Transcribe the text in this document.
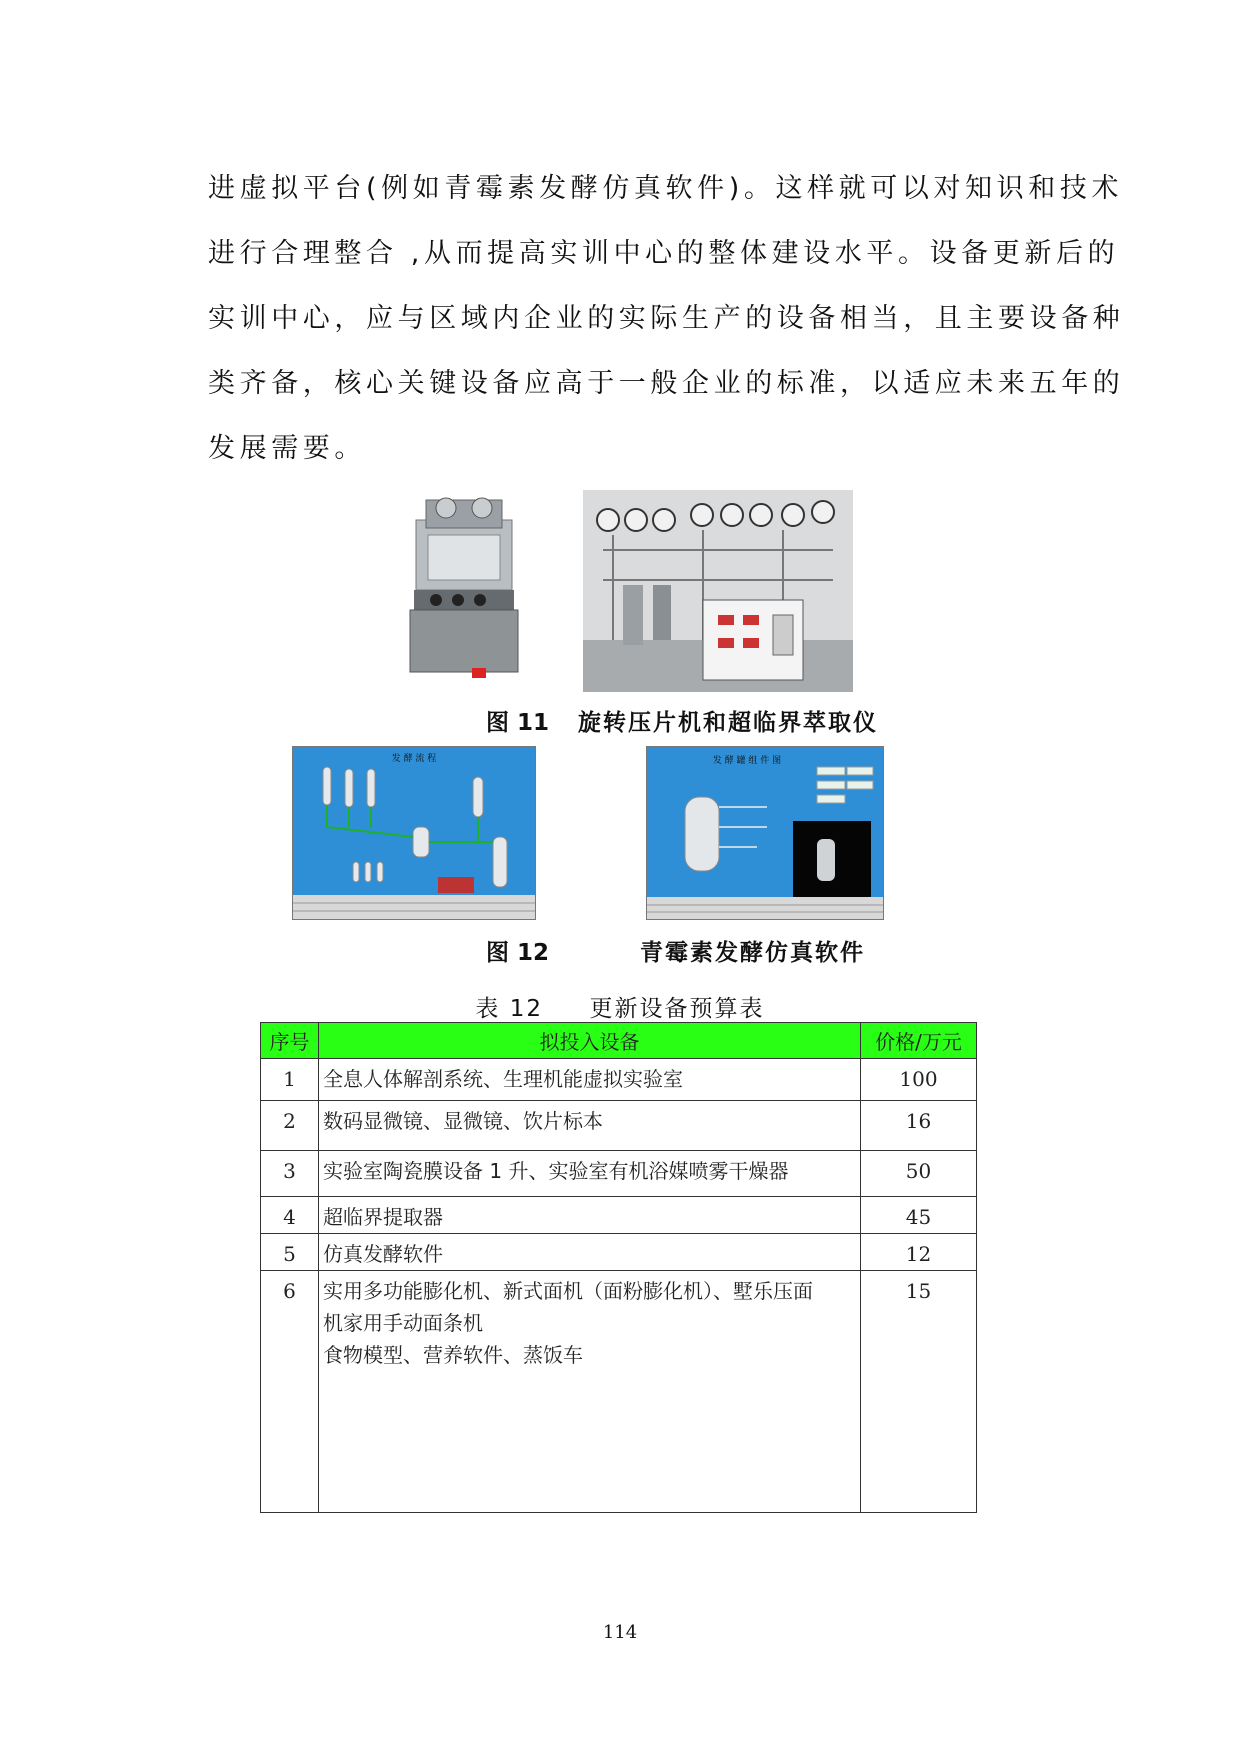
进虚拟平台(例如青霉素发酵仿真软件)。这样就可以对知识和技术
进行合理整合 ,从而提高实训中心的整体建设水平。设备更新后的
实训中心，应与区域内企业的实际生产的设备相当，且主要设备种
类齐备，核心关键设备应高于一般企业的标准，以适应未来五年的
发展需要。

图 11 旋转压片机和超临界萃取仪
发 酵 流 程	发 酵 罐 组 件 图
图 12	青霉素发酵仿真软件
表 12     更新设备预算表
序号	拟投入设备	价格/万元
1	全息人体解剖系统、生理机能虚拟实验室	100
2	数码显微镜、显微镜、饮片标本	16
3	实验室陶瓷膜设备 1 升、实验室有机浴媒喷雾干燥器	50
4	超临界提取器	45
5	仿真发酵软件	12
6	实用多功能膨化机、新式面机（面粉膨化机）、墅乐压面
机家用手动面条机
食物模型、营养软件、蒸饭车	15
114
